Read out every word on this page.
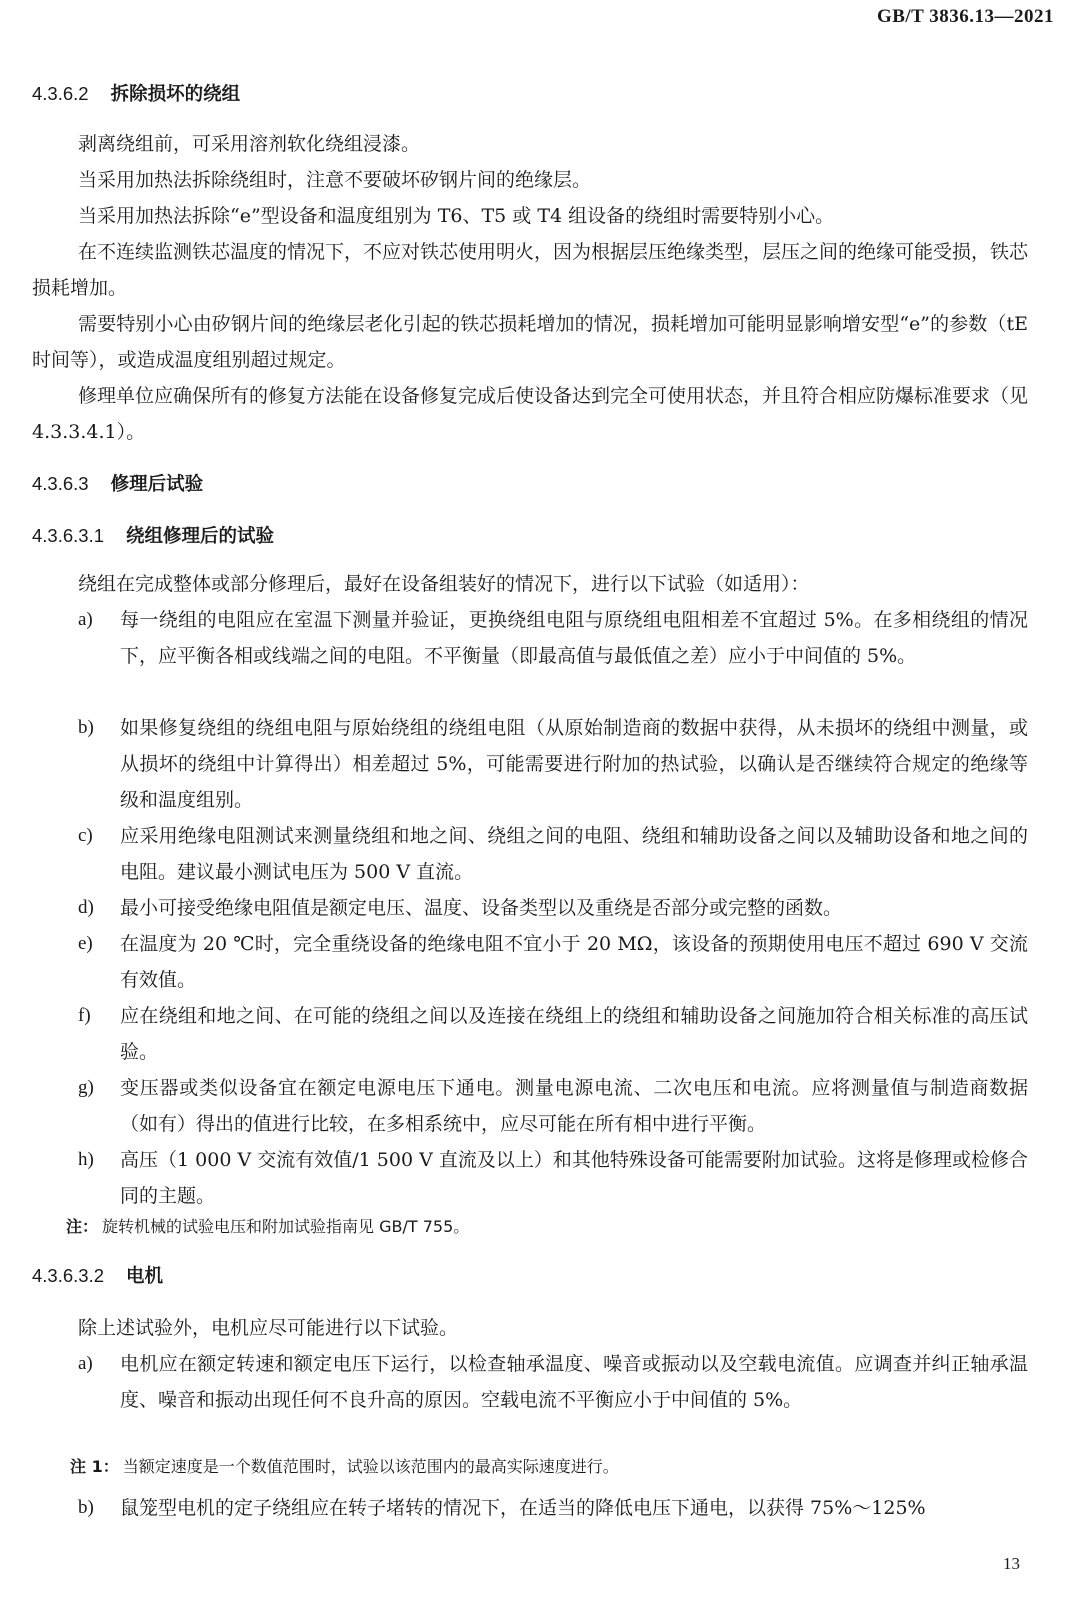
GB/T 3836.13—2021
4.3.6.2 拆除损坏的绕组
剥离绕组前，可采用溶剂软化绕组浸漆。
当采用加热法拆除绕组时，注意不要破坏矽钢片间的绝缘层。
当采用加热法拆除“e”型设备和温度组别为 T6、T5 或 T4 组设备的绕组时需要特别小心。
在不连续监测铁芯温度的情况下，不应对铁芯使用明火，因为根据层压绝缘类型，层压之间的绝缘可能受损，铁芯损耗增加。
需要特别小心由矽钢片间的绝缘层老化引起的铁芯损耗增加的情况，损耗增加可能明显影响增安型“e”的参数（tE时间等），或造成温度组别超过规定。
修理单位应确保所有的修复方法能在设备修复完成后使设备达到完全可使用状态，并且符合相应防爆标准要求（见 4.3.3.4.1）。
4.3.6.3 修理后试验
4.3.6.3.1 绕组修理后的试验
绕组在完成整体或部分修理后，最好在设备组装好的情况下，进行以下试验（如适用）：
a)	每一绕组的电阻应在室温下测量并验证，更换绕组电阻与原绕组电阻相差不宜超过 5%。在多相绕组的情况下，应平衡各相或线端之间的电阻。不平衡量（即最高值与最低值之差）应小于中间值的 5%。
b)	如果修复绕组的绕组电阻与原始绕组的绕组电阻（从原始制造商的数据中获得，从未损坏的绕组中测量，或从损坏的绕组中计算得出）相差超过 5%，可能需要进行附加的热试验，以确认是否继续符合规定的绝缘等级和温度组别。
c)	应采用绝缘电阻测试来测量绕组和地之间、绕组之间的电阻、绕组和辅助设备之间以及辅助设备和地之间的电阻。建议最小测试电压为 500 V 直流。
d)	最小可接受绝缘电阻值是额定电压、温度、设备类型以及重绕是否部分或完整的函数。
e)	在温度为 20 ℃时，完全重绕设备的绝缘电阻不宜小于 20 MΩ，该设备的预期使用电压不超过 690 V 交流有效值。
f)	应在绕组和地之间、在可能的绕组之间以及连接在绕组上的绕组和辅助设备之间施加符合相关标准的高压试验。
g)	变压器或类似设备宜在额定电源电压下通电。测量电源电流、二次电压和电流。应将测量值与制造商数据（如有）得出的值进行比较，在多相系统中，应尽可能在所有相中进行平衡。
h)	高压（1 000 V 交流有效值/1 500 V 直流及以上）和其他特殊设备可能需要附加试验。这将是修理或检修合同的主题。
注： 旋转机械的试验电压和附加试验指南见 GB/T 755。
4.3.6.3.2 电机
除上述试验外，电机应尽可能进行以下试验。
a)	电机应在额定转速和额定电压下运行，以检查轴承温度、噪音或振动以及空载电流值。应调查并纠正轴承温度、噪音和振动出现任何不良升高的原因。空载电流不平衡应小于中间值的 5%。
注 1： 当额定速度是一个数值范围时，试验以该范围内的最高实际速度进行。
b)	鼠笼型电机的定子绕组应在转子堵转的情况下，在适当的降低电压下通电，以获得 75%～125%
13
